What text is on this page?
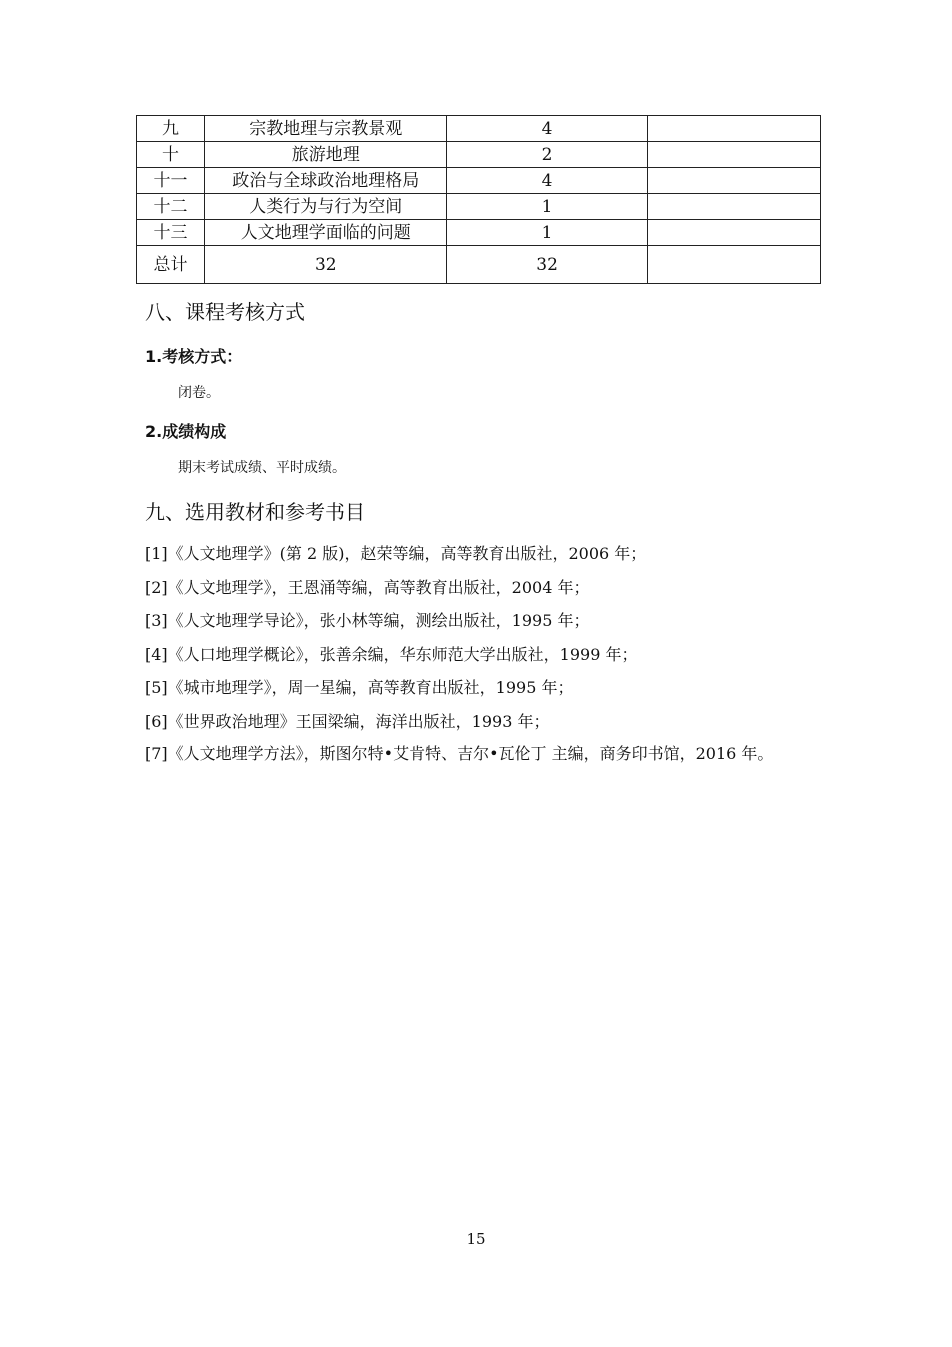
九	宗教地理与宗教景观	4	
十	旅游地理	2	
十一	政治与全球政治地理格局	4	
十二	人类行为与行为空间	1	
十三	人文地理学面临的问题	1	
总计	32	32	
八、课程考核方式
1.考核方式：

闭卷。

2.成绩构成

期末考试成绩、平时成绩。

九、选用教材和参考书目
[1]《人文地理学》(第 2 版)，赵荣等编，高等教育出版社，2006 年；
[2]《人文地理学》，王恩涌等编，高等教育出版社，2004 年；
[3]《人文地理学导论》，张小林等编，测绘出版社，1995 年；
[4]《人口地理学概论》，张善余编，华东师范大学出版社，1999 年；
[5]《城市地理学》，周一星编，高等教育出版社，1995 年；
[6]《世界政治地理》王国梁编，海洋出版社，1993 年；
[7]《人文地理学方法》，斯图尔特•艾肯特、吉尔•瓦伦丁 主编，商务印书馆，2016 年。
15
